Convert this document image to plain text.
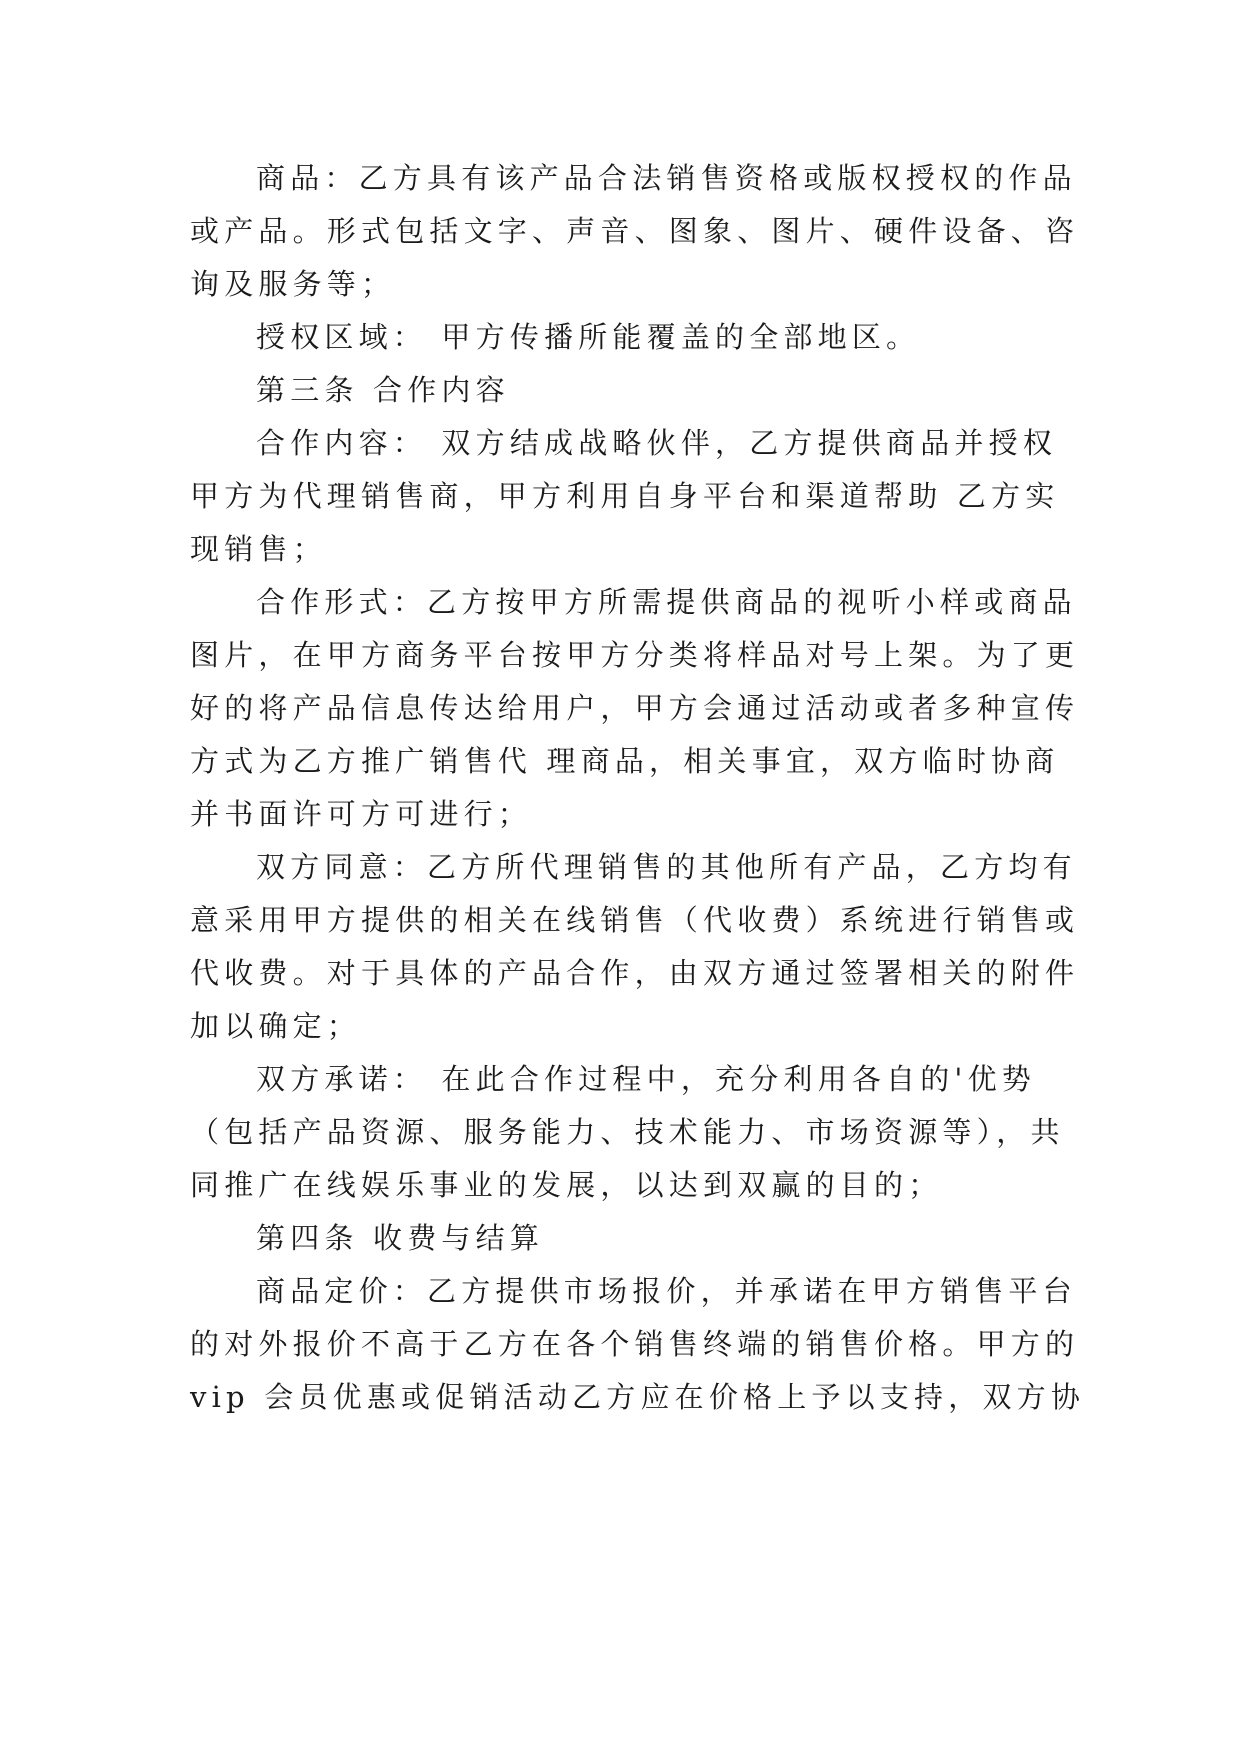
商品：乙方具有该产品合法销售资格或版权授权的作品
或产品。形式包括文字、声音、图象、图片、硬件设备、咨
询及服务等；
授权区域： 甲方传播所能覆盖的全部地区。
第三条 合作内容
合作内容： 双方结成战略伙伴，乙方提供商品并授权
甲方为代理销售商，甲方利用自身平台和渠道帮助 乙方实
现销售；
合作形式：乙方按甲方所需提供商品的视听小样或商品
图片，在甲方商务平台按甲方分类将样品对号上架。为了更
好的将产品信息传达给用户，甲方会通过活动或者多种宣传
方式为乙方推广销售代 理商品，相关事宜，双方临时协商
并书面许可方可进行；
双方同意：乙方所代理销售的其他所有产品，乙方均有
意采用甲方提供的相关在线销售（代收费）系统进行销售或
代收费。对于具体的产品合作，由双方通过签署相关的附件
加以确定；
双方承诺： 在此合作过程中，充分利用各自的'优势
（包括产品资源、服务能力、技术能力、市场资源等），共
同推广在线娱乐事业的发展，以达到双赢的目的；
第四条 收费与结算
商品定价：乙方提供市场报价，并承诺在甲方销售平台
的对外报价不高于乙方在各个销售终端的销售价格。甲方的
vip 会员优惠或促销活动乙方应在价格上予以支持，双方协
